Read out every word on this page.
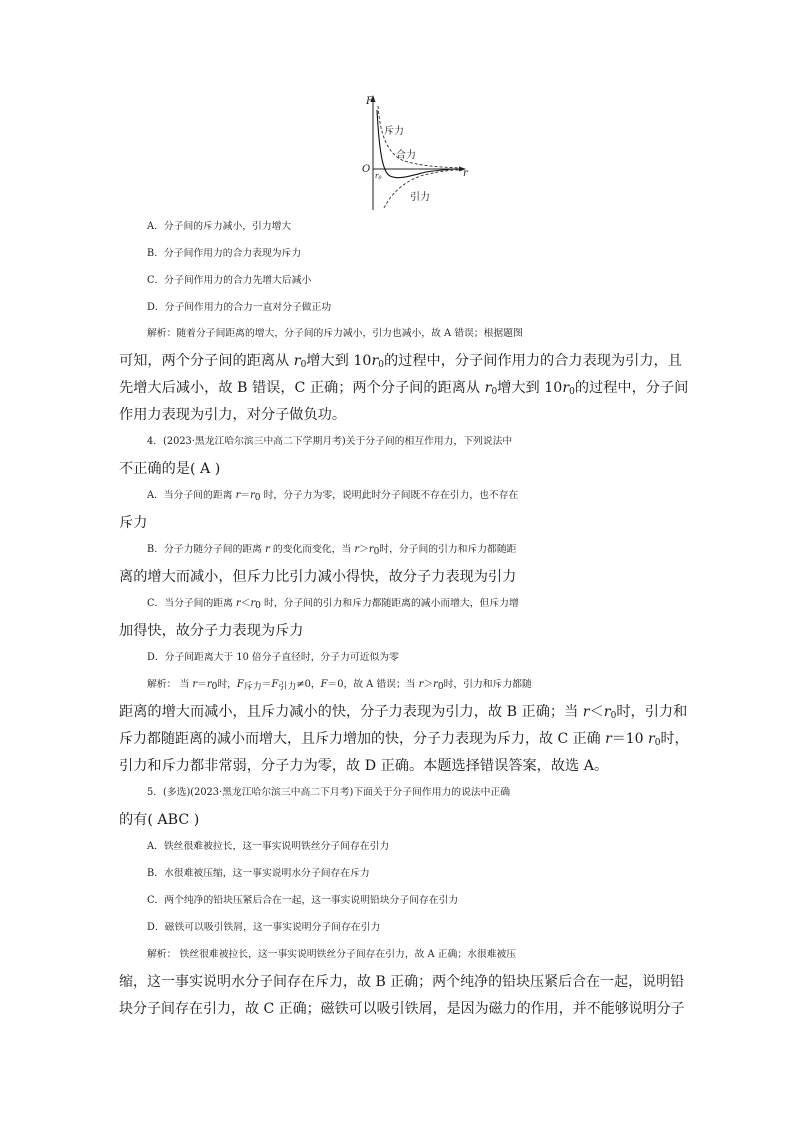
F
O	r
r0
斥力
合力
引力
A．分子间的斥力减小，引力增大
B．分子间作用力的合力表现为斥力
C．分子间作用力的合力先增大后减小
D．分子间作用力的合力一直对分子做正功
解析：随着分子间距离的增大，分子间的斥力减小，引力也减小，故 A 错误；根据题图
可知，两个分子间的距离从 $r_0$增大到 $10r_0$的过程中，分子间作用力的合力表现为引力，且
先增大后减小，故 B 错误，C 正确；两个分子间的距离从 $r_0$增大到 $10r_0$的过程中，分子间
作用力表现为引力，对分子做负功。
4．(2023·黑龙江哈尔滨三中高二下学期月考)关于分子间的相互作用力，下列说法中
不正确的是( A )
A．当分子间的距离 $r=r_0$ 时，分子力为零，说明此时分子间既不存在引力，也不存在
斥力
B．分子力随分子间的距离 r 的变化而变化，当 $r>r_0$时，分子间的引力和斥力都随距
离的增大而减小，但斥力比引力减小得快，故分子力表现为引力
C．当分子间的距离 $r<r_0$ 时，分子间的引力和斥力都随距离的减小而增大，但斥力增
加得快，故分子力表现为斥力
D．分子间距离大于 10 倍分子直径时，分子力可近似为零
解析： 当 $r=r_0$时，$F_{斥力}=F_{引力}\ne 0$，F＝0，故 A 错误；当 $r>r_0$时，引力和斥力都随
距离的增大而减小，且斥力减小的快，分子力表现为引力，故 B 正确；当 $r<r_0$时，引力和
斥力都随距离的减小而增大，且斥力增加的快，分子力表现为斥力，故 C 正确 r＝10 $r_0$时，
引力和斥力都非常弱，分子力为零，故 D 正确。本题选择错误答案，故选 A。
5．(多选)(2023·黑龙江哈尔滨三中高二下月考)下面关于分子间作用力的说法中正确
的有( ABC )
A．铁丝很难被拉长，这一事实说明铁丝分子间存在引力
B．水很难被压缩，这一事实说明水分子间存在斥力
C．两个纯净的铅块压紧后合在一起，这一事实说明铅块分子间存在引力
D．磁铁可以吸引铁屑，这一事实说明分子间存在引力
解析： 铁丝很难被拉长，这一事实说明铁丝分子间存在引力，故 A 正确；水很难被压
缩，这一事实说明水分子间存在斥力，故 B 正确；两个纯净的铅块压紧后合在一起，说明铅
块分子间存在引力，故 C 正确；磁铁可以吸引铁屑，是因为磁力的作用，并不能够说明分子
